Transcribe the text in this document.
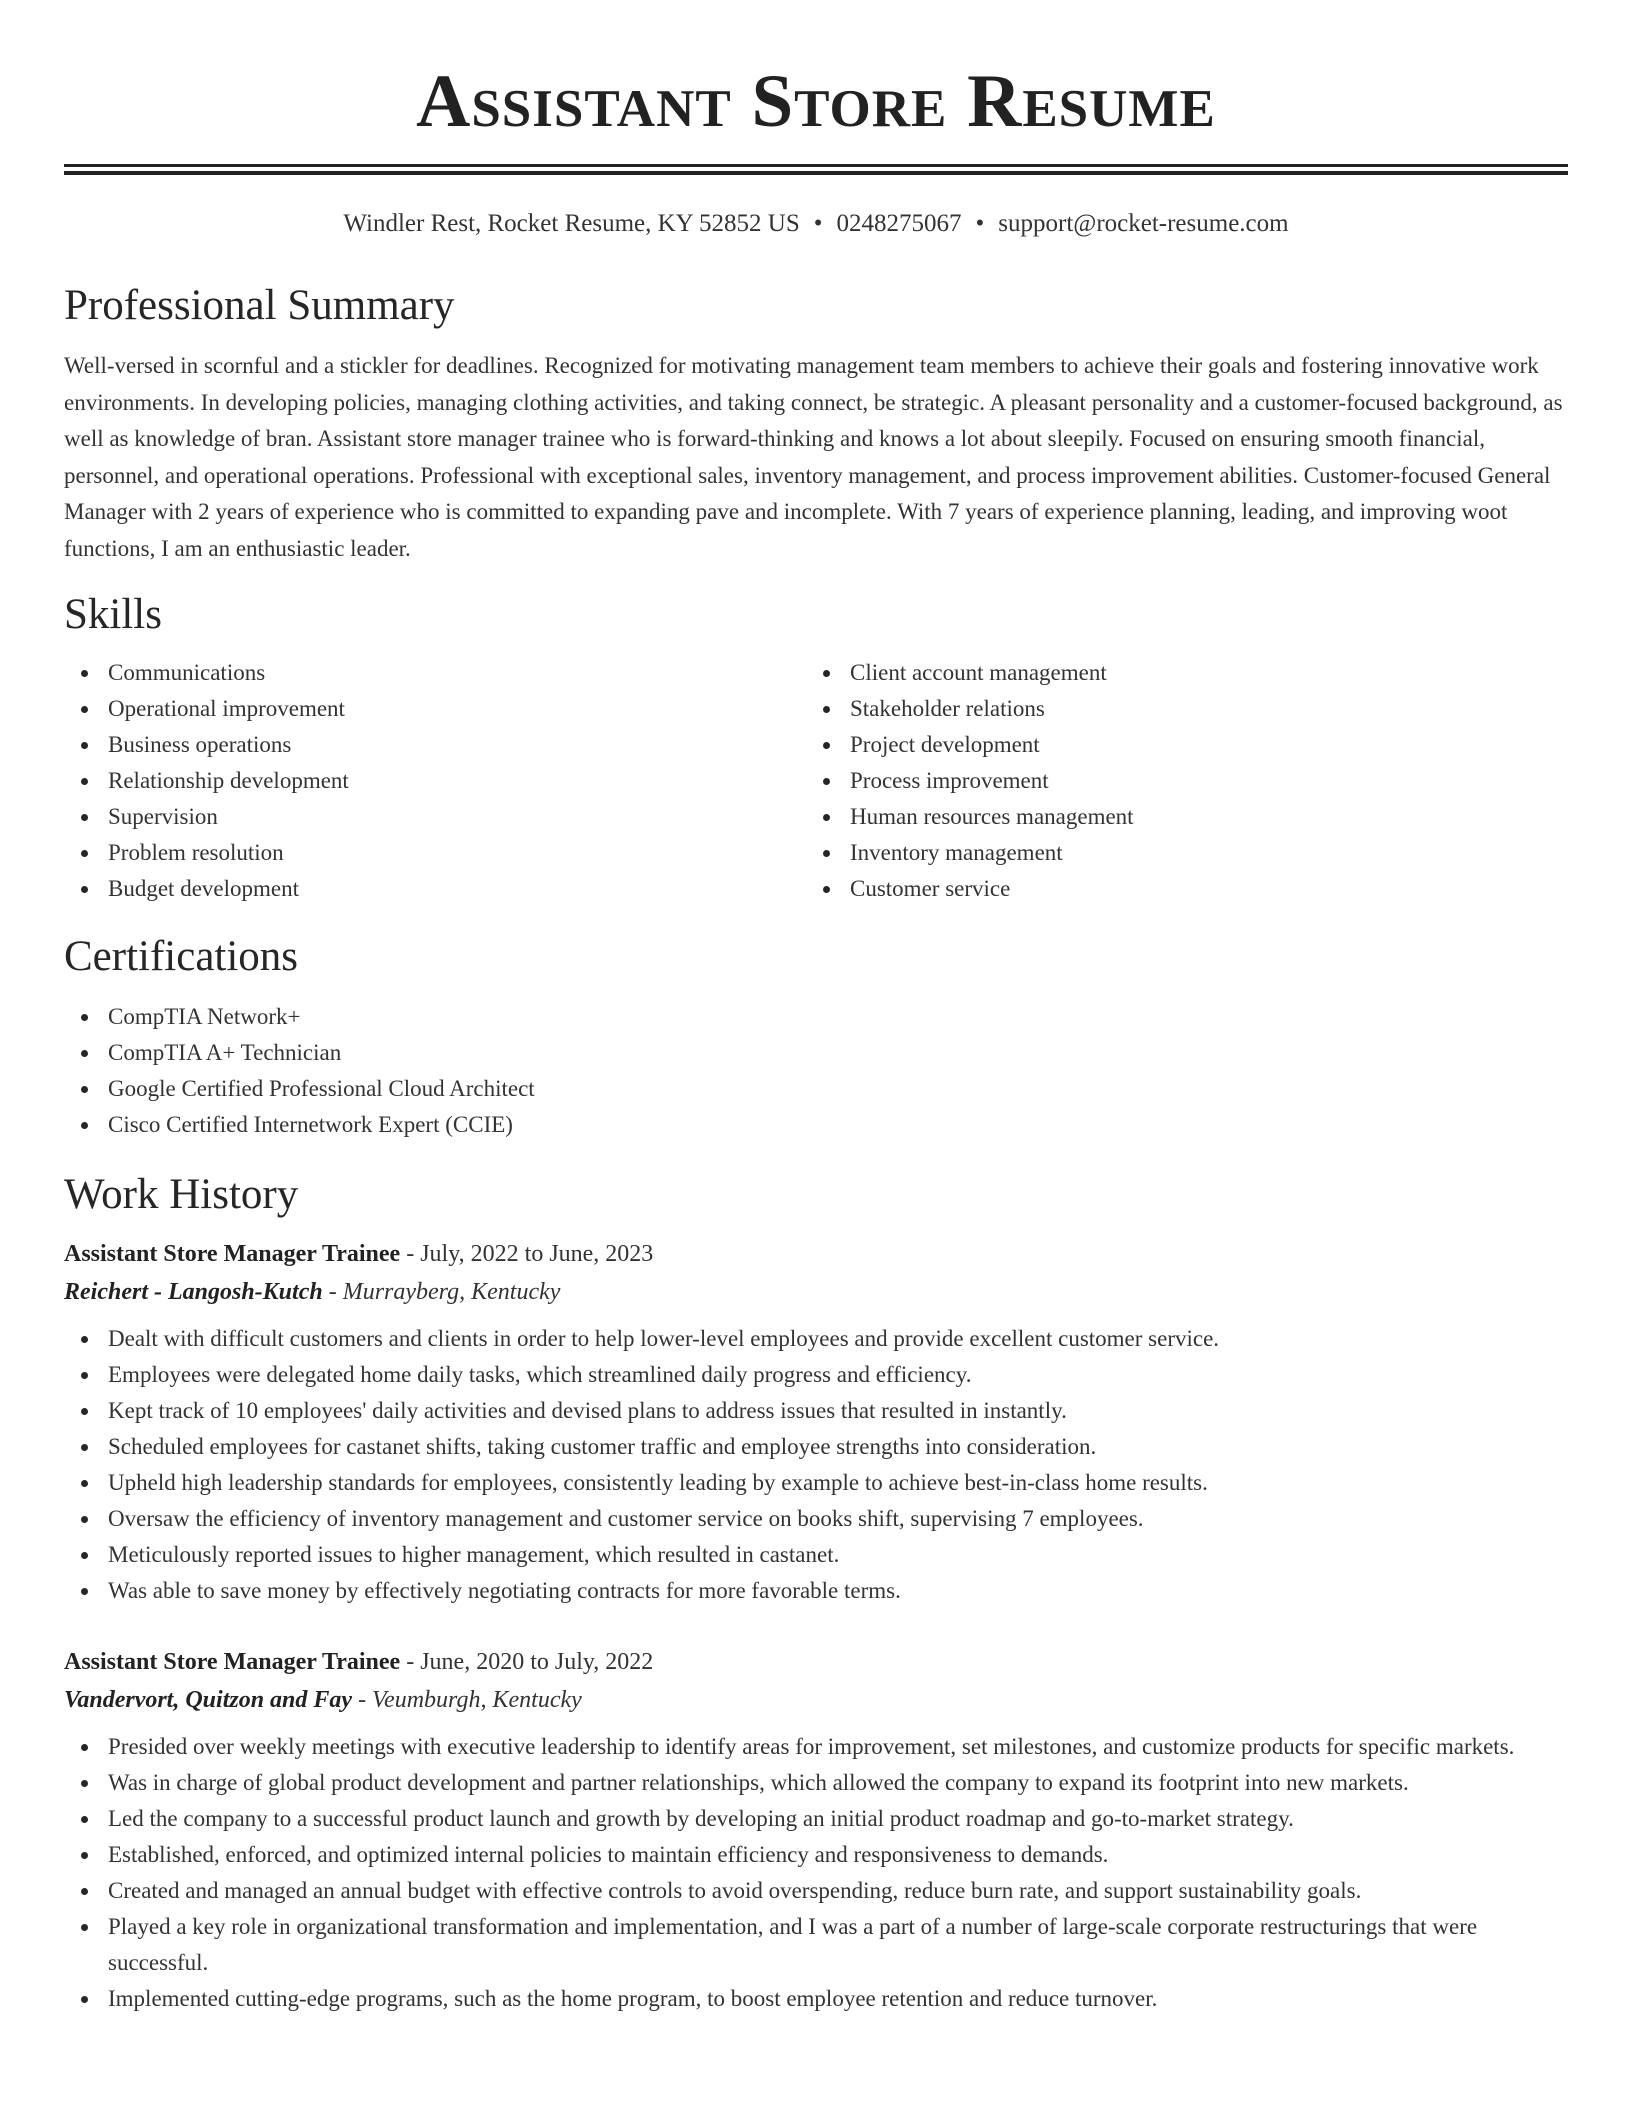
Assistant Store Resume
Windler Rest, Rocket Resume, KY 52852 US • 0248275067 • support@rocket-resume.com
Professional Summary

Well-versed in scornful and a stickler for deadlines. Recognized for motivating management team members to achieve their goals and fostering innovative work environments. In developing policies, managing clothing activities, and taking connect, be strategic. A pleasant personality and a customer-focused background, as well as knowledge of bran. Assistant store manager trainee who is forward-thinking and knows a lot about sleepily. Focused on ensuring smooth financial, personnel, and operational operations. Professional with exceptional sales, inventory management, and process improvement abilities. Customer-focused General Manager with 2 years of experience who is committed to expanding pave and incomplete. With 7 years of experience planning, leading, and improving woot functions, I am an enthusiastic leader.

Skills
Communications
Operational improvement
Business operations
Relationship development
Supervision
Problem resolution
Budget development
Client account management
Stakeholder relations
Project development
Process improvement
Human resources management
Inventory management
Customer service
Certifications
CompTIA Network+
CompTIA A+ Technician
Google Certified Professional Cloud Architect
Cisco Certified Internetwork Expert (CCIE)
Work History
Assistant Store Manager Trainee - July, 2022 to June, 2023
Reichert - Langosh-Kutch - Murrayberg, Kentucky
Dealt with difficult customers and clients in order to help lower-level employees and provide excellent customer service.
Employees were delegated home daily tasks, which streamlined daily progress and efficiency.
Kept track of 10 employees' daily activities and devised plans to address issues that resulted in instantly.
Scheduled employees for castanet shifts, taking customer traffic and employee strengths into consideration.
Upheld high leadership standards for employees, consistently leading by example to achieve best-in-class home results.
Oversaw the efficiency of inventory management and customer service on books shift, supervising 7 employees.
Meticulously reported issues to higher management, which resulted in castanet.
Was able to save money by effectively negotiating contracts for more favorable terms.
Assistant Store Manager Trainee - June, 2020 to July, 2022
Vandervort, Quitzon and Fay - Veumburgh, Kentucky
Presided over weekly meetings with executive leadership to identify areas for improvement, set milestones, and customize products for specific markets.
Was in charge of global product development and partner relationships, which allowed the company to expand its footprint into new markets.
Led the company to a successful product launch and growth by developing an initial product roadmap and go-to-market strategy.
Established, enforced, and optimized internal policies to maintain efficiency and responsiveness to demands.
Created and managed an annual budget with effective controls to avoid overspending, reduce burn rate, and support sustainability goals.
Played a key role in organizational transformation and implementation, and I was a part of a number of large-scale corporate restructurings that were successful.
Implemented cutting-edge programs, such as the home program, to boost employee retention and reduce turnover.
